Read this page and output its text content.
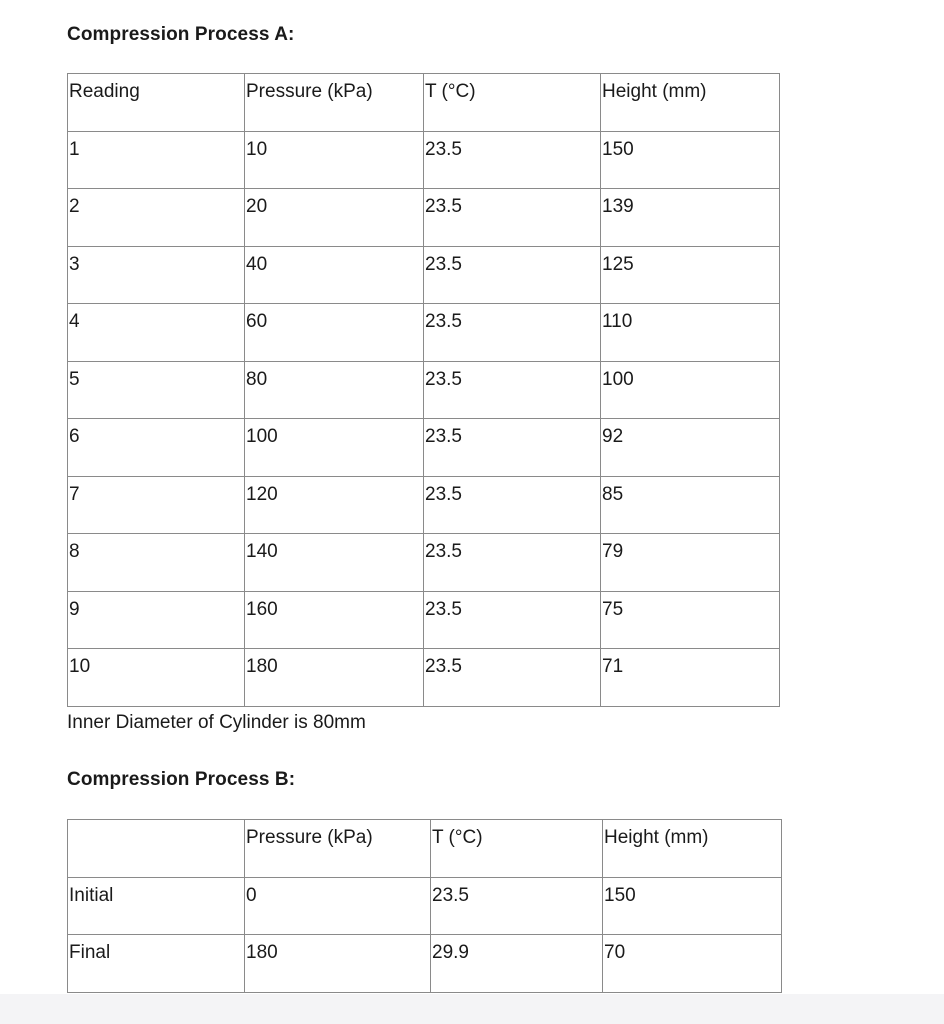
Compression Process A:
Reading	Pressure (kPa)	T (°C)	Height (mm)
1	10	23.5	150
2	20	23.5	139
3	40	23.5	125
4	60	23.5	110
5	80	23.5	100
6	100	23.5	92
7	120	23.5	85
8	140	23.5	79
9	160	23.5	75
10	180	23.5	71
Inner Diameter of Cylinder is 80mm
Compression Process B:
	Pressure (kPa)	T (°C)	Height (mm)
Initial	0	23.5	150
Final	180	29.9	70
